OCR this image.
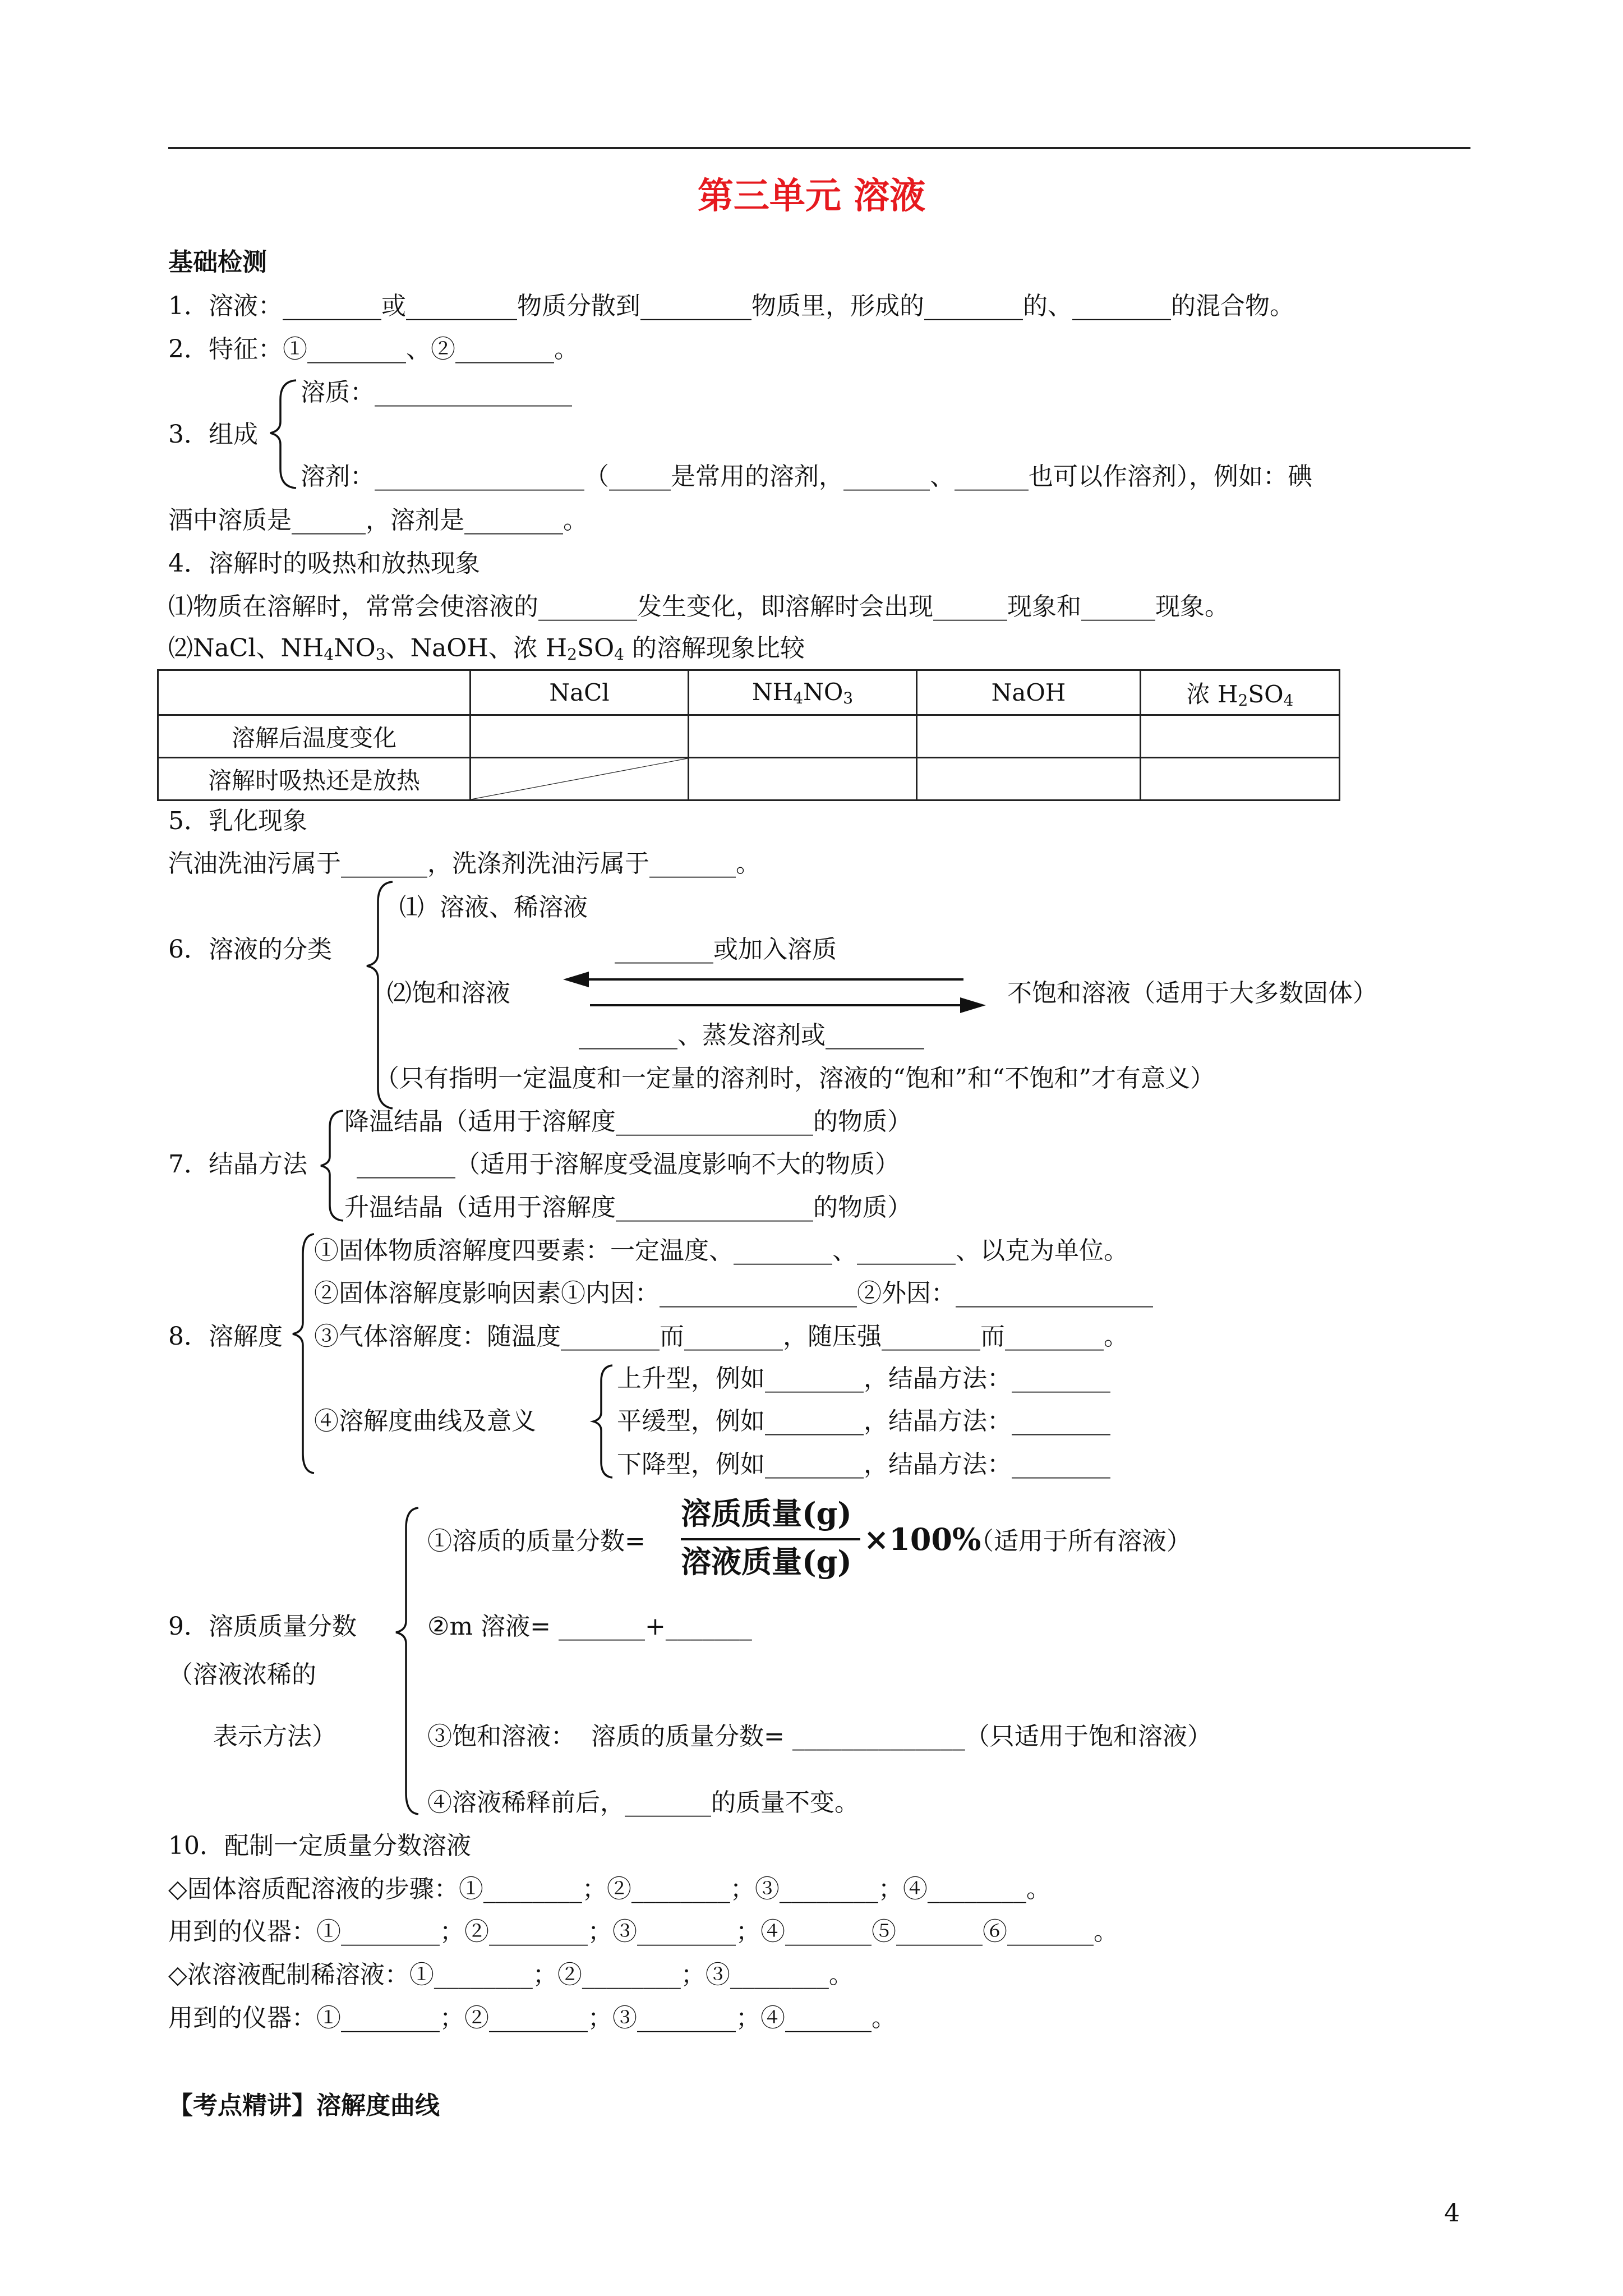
第三单元 溶液
基础检测
1．溶液：________或_________物质分散到_________物质里，形成的________的、________的混合物。
2．特征：①________、②________。
溶质：________________
3．组成
溶剂：_________________（_____是常用的溶剂，_______、______也可以作溶剂），例如：碘
酒中溶质是______，溶剂是________。
4．溶解时的吸热和放热现象
⑴物质在溶解时，常常会使溶液的________发生变化，即溶解时会出现______现象和______现象。
⑵NaCl、$NH_4NO_3$、NaOH、浓 $H_2SO_4$ 的溶解现象比较
	NaCl	$NH_4NO_3$	NaOH	浓 $H_2SO_4$
溶解后温度变化				
溶解时吸热还是放热	

5．乳化现象
汽油洗油污属于_______，洗涤剂洗油污属于_______。
⑴  溶液、稀溶液
6．溶液的分类	________或加入溶质
⑵饱和溶液	不饱和溶液（适用于大多数固体）
________、蒸发溶剂或________
（只有指明一定温度和一定量的溶剂时，溶液的“饱和”和“不饱和”才有意义）
降温结晶（适用于溶解度________________的物质）
7．结晶方法 ________（适用于溶解度受温度影响不大的物质）
升温结晶（适用于溶解度________________的物质）
①固体物质溶解度四要素：一定温度、________、________、以克为单位。
②固体溶解度影响因素①内因：________________②外因：________________
8．溶解度 ③气体溶解度：随温度________而________，随压强________而________。
上升型，例如________，结晶方法：________
④溶解度曲线及意义	平缓型，例如________，结晶方法：________
下降型，例如________，结晶方法：________
①溶质的质量分数=
溶质质量(g)
溶液质量(g)
×100%
（适用于所有溶液）
9．溶质质量分数	②m 溶液= _______+_______
（溶液浓稀的
表示方法）	③饱和溶液：  溶质的质量分数= ______________（只适用于饱和溶液）
④溶液稀释前后，_______的质量不变。
10．配制一定质量分数溶液
◇固体溶质配溶液的步骤：①________；②________；③________；④________。
用到的仪器：①________；②________；③________；④_______⑤_______⑥_______。
◇浓溶液配制稀溶液：①________；②________；③________。
用到的仪器：①________；②________；③________；④_______。
【考点精讲】溶解度曲线
4
